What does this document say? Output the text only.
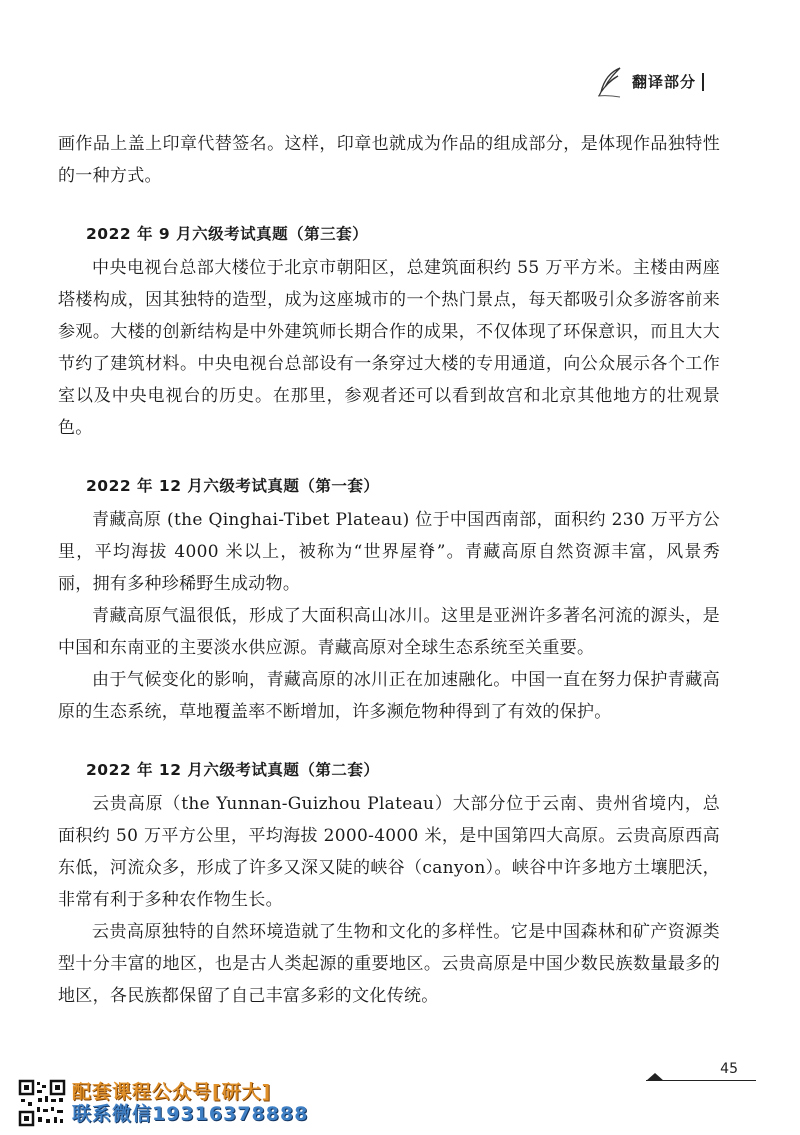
翻译部分

画作品上盖上印章代替签名。这样，印章也就成为作品的组成部分，是体现作品独特性的一种方式。

2022 年 9 月六级考试真题（第三套）

中央电视台总部大楼位于北京市朝阳区，总建筑面积约 55 万平方米。主楼由两座塔楼构成，因其独特的造型，成为这座城市的一个热门景点，每天都吸引众多游客前来参观。大楼的创新结构是中外建筑师长期合作的成果，不仅体现了环保意识，而且大大节约了建筑材料。中央电视台总部设有一条穿过大楼的专用通道，向公众展示各个工作室以及中央电视台的历史。在那里，参观者还可以看到故宫和北京其他地方的壮观景色。

2022 年 12 月六级考试真题（第一套）

青藏高原 (the Qinghai-Tibet Plateau) 位于中国西南部，面积约 230 万平方公里，平均海拔 4000 米以上，被称为“世界屋脊”。青藏高原自然资源丰富，风景秀丽，拥有多种珍稀野生成动物。

青藏高原气温很低，形成了大面积高山冰川。这里是亚洲许多著名河流的源头，是中国和东南亚的主要淡水供应源。青藏高原对全球生态系统至关重要。

由于气候变化的影响，青藏高原的冰川正在加速融化。中国一直在努力保护青藏高原的生态系统，草地覆盖率不断增加，许多濒危物种得到了有效的保护。

2022 年 12 月六级考试真题（第二套）

云贵高原（the Yunnan-Guizhou Plateau）大部分位于云南、贵州省境内，总面积约 50 万平方公里，平均海拔 2000-4000 米，是中国第四大高原。云贵高原西高东低，河流众多，形成了许多又深又陡的峡谷（canyon）。峡谷中许多地方土壤肥沃，非常有利于多种农作物生长。

云贵高原独特的自然环境造就了生物和文化的多样性。它是中国森林和矿产资源类型十分丰富的地区，也是古人类起源的重要地区。云贵高原是中国少数民族数量最多的地区，各民族都保留了自己丰富多彩的文化传统。

45
配套课程公众号[研大]
联系微信19316378888
